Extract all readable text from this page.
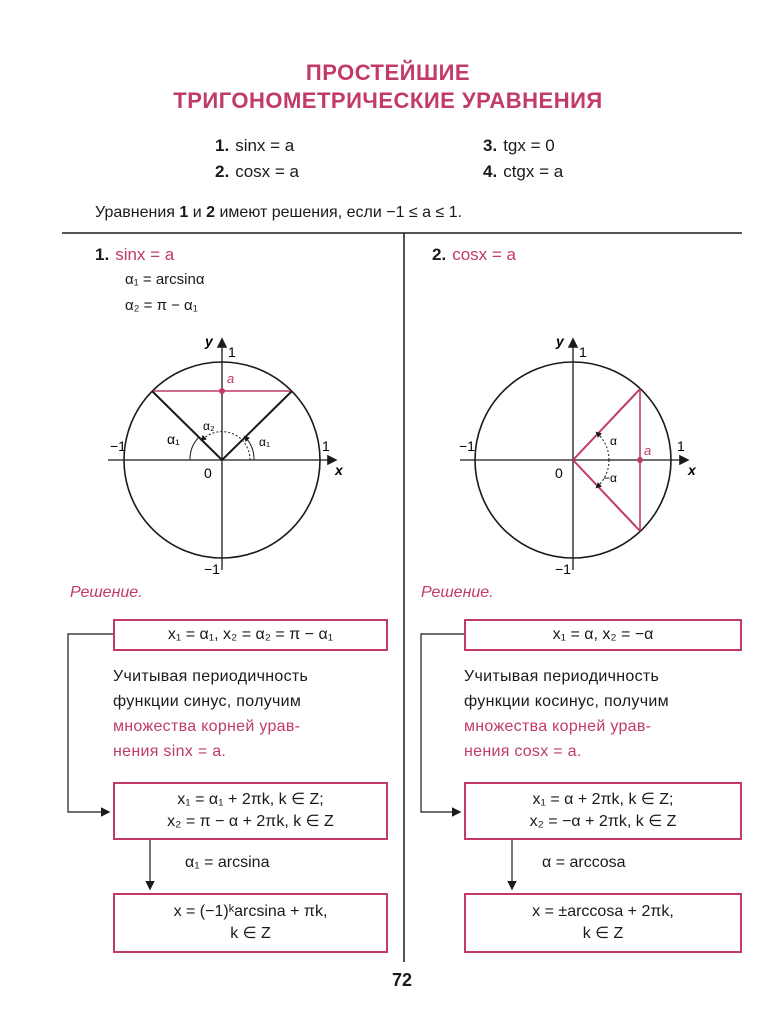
ПРОСТЕЙШИЕ
ТРИГОНОМЕТРИЧЕСКИЕ УРАВНЕНИЯ
1. sinx = a
2. cosx = a
3. tgx = 0
4. ctgx = a
Уравнения 1 и 2 имеют решения, если −1 ≤ a ≤ 1.
1. sinx = a
α₁ = arcsinα
α₂ = π − α₁
y
1
−1
−1	1
0	x
a
α₁	α₁
α₂
Решение.
x₁ = α₁, x₂ = α₂ = π − α₁
Учитывая периодичность
функции синус, получим
множества корней урав-
нения sinx = a.
x₁ = α₁ + 2πk, k ∈ Z;
x₂ = π − α + 2πk, k ∈ Z
α₁ = arcsina
x = (−1)ᵏarcsina + πk,
k ∈ Z
2. cosx = a
y
1
−1
−1	1
0	x
a
α
−α
Решение.
x₁ = α, x₂ = −α
Учитывая периодичность
функции косинус, получим
множества корней урав-
нения cosx = a.
x₁ = α + 2πk, k ∈ Z;
x₂ = −α + 2πk, k ∈ Z
α = arccosa
x = ±arccosa + 2πk,
k ∈ Z
72
